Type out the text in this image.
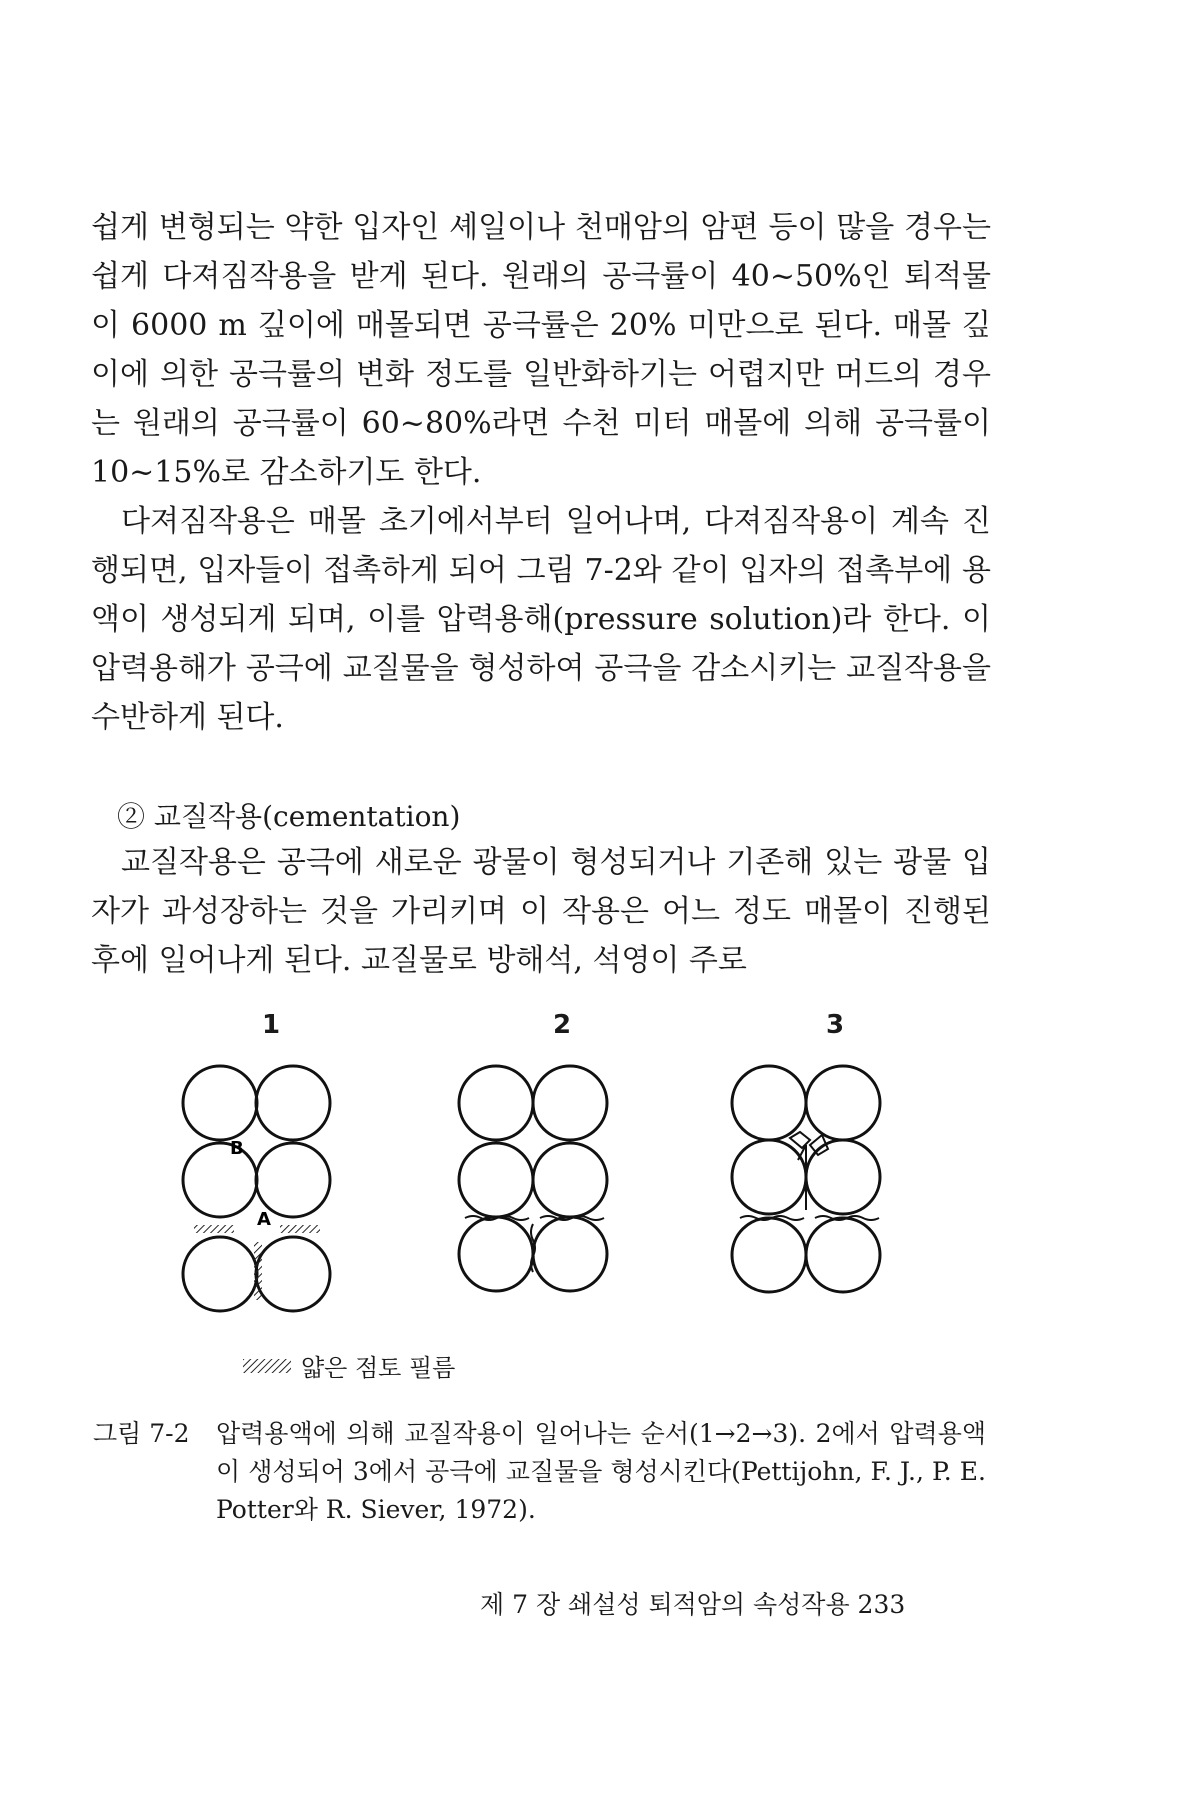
쉽게 변형되는 약한 입자인 셰일이나 천매암의 암편 등이 많을 경우는 쉽게 다져짐작용을 받게 된다. 원래의 공극률이 40~50%인 퇴적물이 6000 m 깊이에 매몰되면 공극률은 20% 미만으로 된다. 매몰 깊이에 의한 공극률의 변화 정도를 일반화하기는 어렵지만 머드의 경우는 원래의 공극률이 60~80%라면 수천 미터 매몰에 의해 공극률이 10~15%로 감소하기도 한다.
다져짐작용은 매몰 초기에서부터 일어나며, 다져짐작용이 계속 진행되면, 입자들이 접촉하게 되어 그림 7-2와 같이 입자의 접촉부에 용액이 생성되게 되며, 이를 압력용해(pressure solution)라 한다. 이 압력용해가 공극에 교질물을 형성하여 공극을 감소시키는 교질작용을 수반하게 된다.
② 교질작용(cementation)
교질작용은 공극에 새로운 광물이 형성되거나 기존해 있는 광물 입자가 과성장하는 것을 가리키며 이 작용은 어느 정도 매몰이 진행된 후에 일어나게 된다. 교질물로 방해석, 석영이 주로
1	2	3
A
B
얇은 점토 필름
그림 7-2 압력용액에 의해 교질작용이 일어나는 순서(1→2→3). 2에서 압력용액이 생성되어 3에서 공극에 교질물을 형성시킨다(Pettijohn, F. J., P. E. Potter와 R. Siever, 1972).
제 7 장 쇄설성 퇴적암의 속성작용 233
